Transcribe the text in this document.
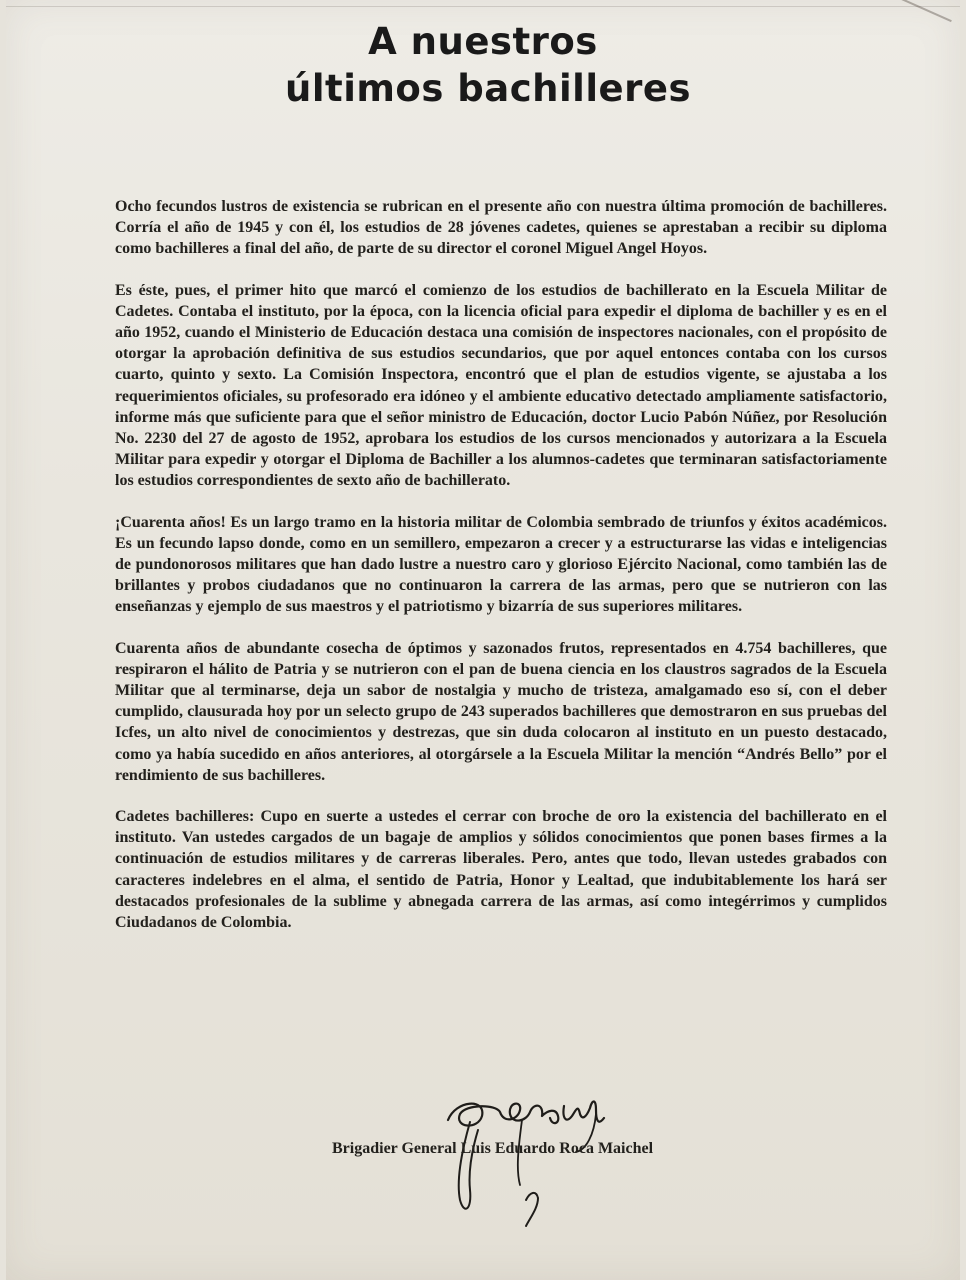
A nuestros
últimos bachilleres

Ocho fecundos lustros de existencia se rubrican en el presente año con nuestra última promoción de bachilleres. Corría el año de 1945 y con él, los estudios de 28 jóvenes cadetes, quienes se aprestaban a recibir su diploma como bachilleres a final del año, de parte de su director el coronel Miguel Angel Hoyos.

Es éste, pues, el primer hito que marcó el comienzo de los estudios de bachillerato en la Escuela Militar de Cadetes. Contaba el instituto, por la época, con la licencia oficial para expedir el diploma de bachiller y es en el año 1952, cuando el Ministerio de Educación destaca una comisión de inspectores nacionales, con el propósito de otorgar la aprobación definitiva de sus estudios secundarios, que por aquel entonces contaba con los cursos cuarto, quinto y sexto. La Comisión Inspectora, encontró que el plan de estudios vigente, se ajustaba a los requerimientos oficiales, su profesorado era idóneo y el ambiente educativo detectado ampliamente satisfactorio, informe más que suficiente para que el señor ministro de Educación, doctor Lucio Pabón Núñez, por Resolución No. 2230 del 27 de agosto de 1952, aprobara los estudios de los cursos mencionados y autorizara a la Escuela Militar para expedir y otorgar el Diploma de Bachiller a los alumnos-cadetes que terminaran satisfactoriamente los estudios correspondientes de sexto año de bachillerato.

¡Cuarenta años! Es un largo tramo en la historia militar de Colombia sembrado de triunfos y éxitos académicos. Es un fecundo lapso donde, como en un semillero, empezaron a crecer y a estructurarse las vidas e inteligencias de pundonorosos militares que han dado lustre a nuestro caro y glorioso Ejército Nacional, como también las de brillantes y probos ciudadanos que no continuaron la carrera de las armas, pero que se nutrieron con las enseñanzas y ejemplo de sus maestros y el patriotismo y bizarría de sus superiores militares.

Cuarenta años de abundante cosecha de óptimos y sazonados frutos, representados en 4.754 bachilleres, que respiraron el hálito de Patria y se nutrieron con el pan de buena ciencia en los claustros sagrados de la Escuela Militar que al terminarse, deja un sabor de nostalgia y mucho de tristeza, amalgamado eso sí, con el deber cumplido, clausurada hoy por un selecto grupo de 243 superados bachilleres que demostraron en sus pruebas del Icfes, un alto nivel de conocimientos y destrezas, que sin duda colocaron al instituto en un puesto destacado, como ya había sucedido en años anteriores, al otorgársele a la Escuela Militar la mención “Andrés Bello” por el rendimiento de sus bachilleres.

Cadetes bachilleres: Cupo en suerte a ustedes el cerrar con broche de oro la existencia del bachillerato en el instituto. Van ustedes cargados de un bagaje de amplios y sólidos conocimientos que ponen bases firmes a la continuación de estudios militares y de carreras liberales. Pero, antes que todo, llevan ustedes grabados con caracteres indelebres en el alma, el sentido de Patria, Honor y Lealtad, que indubitablemente los hará ser destacados profesionales de la sublime y abnegada carrera de las armas, así como integérrimos y cumplidos Ciudadanos de Colombia.

Brigadier General Luis Eduardo Roca Maichel
